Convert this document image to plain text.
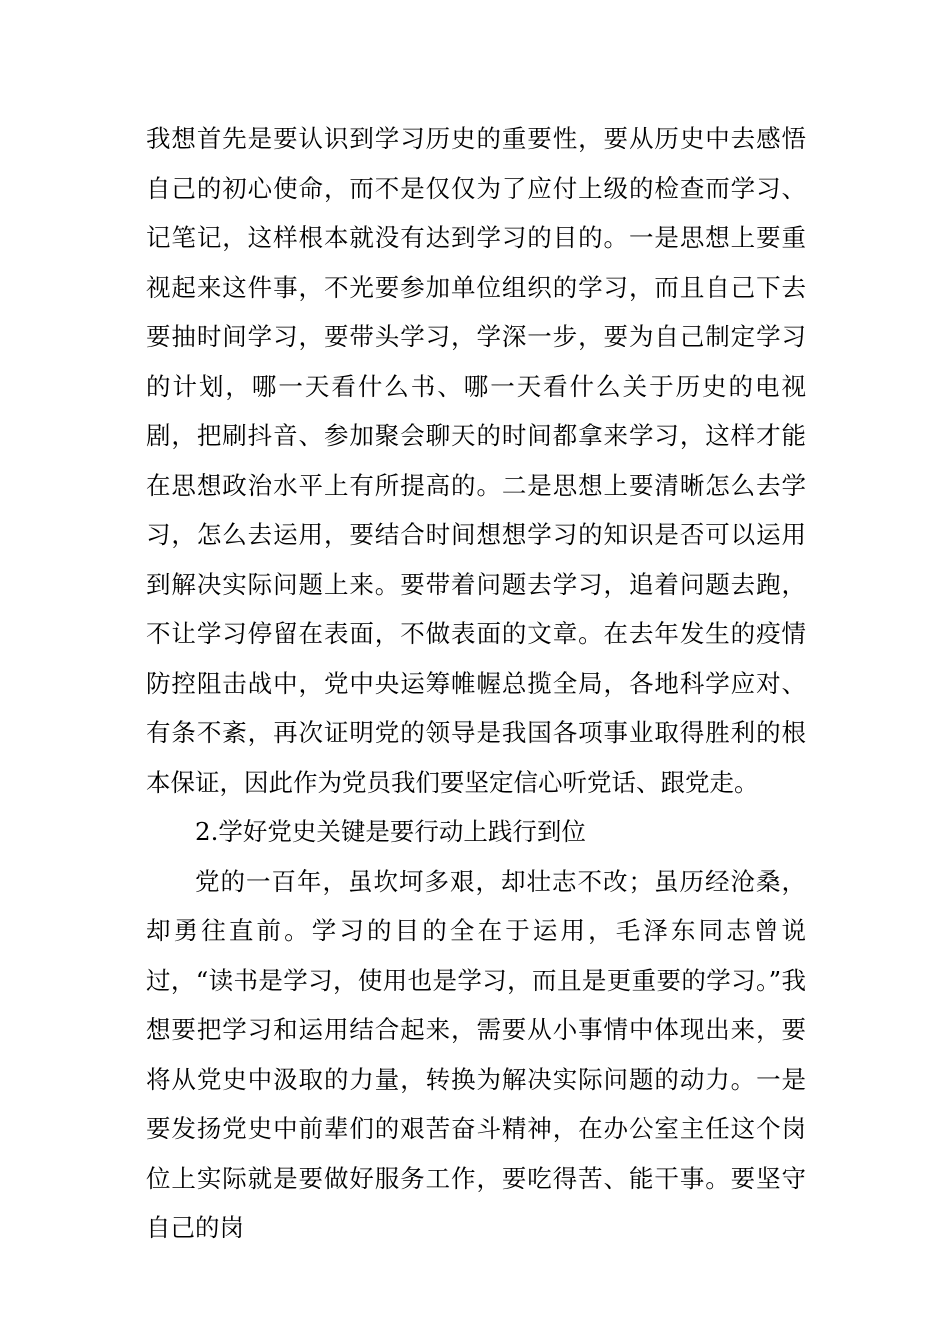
我想首先是要认识到学习历史的重要性，要从历史中去感悟自己的初心使命，而不是仅仅为了应付上级的检查而学习、记笔记，这样根本就没有达到学习的目的。一是思想上要重视起来这件事，不光要参加单位组织的学习，而且自己下去要抽时间学习，要带头学习，学深一步，要为自己制定学习的计划，哪一天看什么书、哪一天看什么关于历史的电视剧，把刷抖音、参加聚会聊天的时间都拿来学习，这样才能在思想政治水平上有所提高的。二是思想上要清晰怎么去学习，怎么去运用，要结合时间想想学习的知识是否可以运用到解决实际问题上来。要带着问题去学习，追着问题去跑，不让学习停留在表面，不做表面的文章。在去年发生的疫情防控阻击战中，党中央运筹帷幄总揽全局，各地科学应对、有条不紊，再次证明党的领导是我国各项事业取得胜利的根本保证，因此作为党员我们要坚定信心听党话、跟党走。

2.学好党史关键是要行动上践行到位

党的一百年，虽坎坷多艰，却壮志不改；虽历经沧桑，却勇往直前。学习的目的全在于运用，毛泽东同志曾说过，“读书是学习，使用也是学习，而且是更重要的学习。”我想要把学习和运用结合起来，需要从小事情中体现出来，要将从党史中汲取的力量，转换为解决实际问题的动力。一是要发扬党史中前辈们的艰苦奋斗精神，在办公室主任这个岗位上实际就是要做好服务工作，要吃得苦、能干事。要坚守自己的岗
